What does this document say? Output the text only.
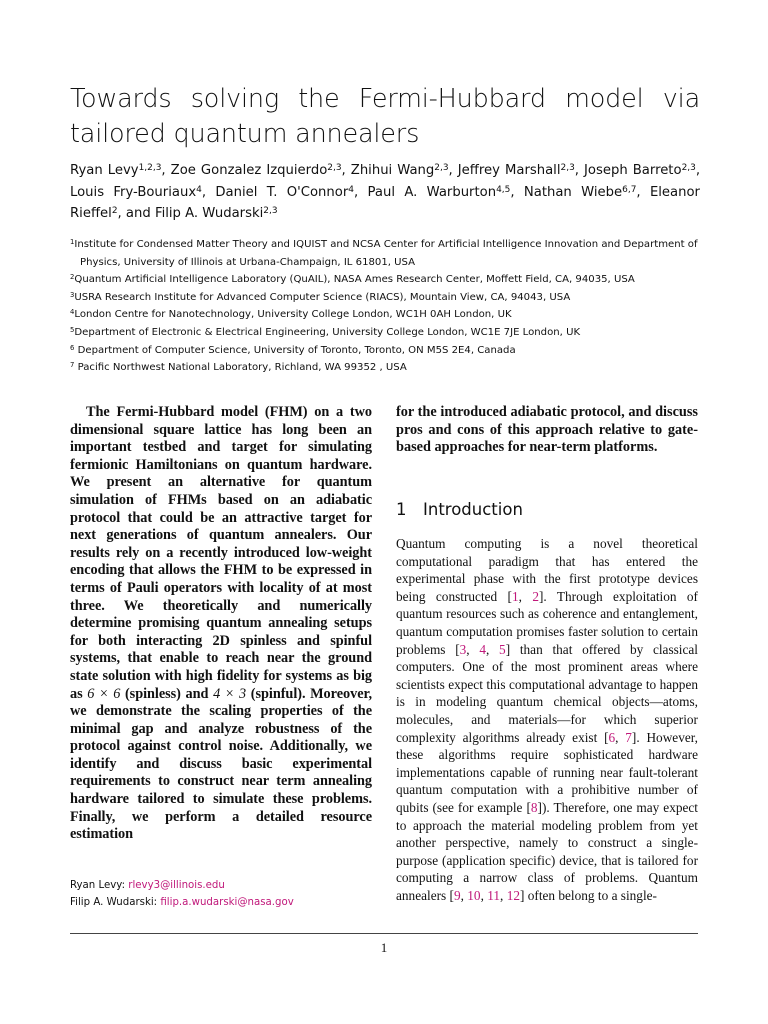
Towards solving the Fermi-Hubbard model via tailored quantum annealers
Ryan Levy$^{1,2,3}$, Zoe Gonzalez Izquierdo$^{2,3}$, Zhihui Wang$^{2,3}$, Jeffrey Marshall$^{2,3}$, Joseph Barreto$^{2,3}$, Louis Fry-Bouriaux$^4$, Daniel T. O'Connor$^4$, Paul A. Warburton$^{4,5}$, Nathan Wiebe$^{6,7}$, Eleanor Rieffel$^2$, and Filip A. Wudarski$^{2,3}$
$^1$Institute for Condensed Matter Theory and IQUIST and NCSA Center for Artificial Intelligence Innovation and Department of
Physics, University of Illinois at Urbana-Champaign, IL 61801, USA
$^2$Quantum Artificial Intelligence Laboratory (QuAIL), NASA Ames Research Center, Moffett Field, CA, 94035, USA
$^3$USRA Research Institute for Advanced Computer Science (RIACS), Mountain View, CA, 94043, USA
$^4$London Centre for Nanotechnology, University College London, WC1H 0AH London, UK
$^5$Department of Electronic & Electrical Engineering, University College London, WC1E 7JE London, UK
$^6$ Department of Computer Science, University of Toronto, Toronto, ON M5S 2E4, Canada
$^7$ Pacific Northwest National Laboratory, Richland, WA 99352 , USA
The Fermi-Hubbard model (FHM) on a two dimensional square lattice has long been an important testbed and target for simulating fermionic Hamiltonians on quantum hardware. We present an alternative for quantum simulation of FHMs based on an adiabatic protocol that could be an attractive target for next generations of quantum annealers. Our results rely on a recently introduced low-weight encoding that allows the FHM to be expressed in terms of Pauli operators with locality of at most three. We theoretically and numerically determine promising quantum annealing setups for both interacting 2D spinless and spinful systems, that enable to reach near the ground state solution with high fidelity for systems as big as 6 × 6 (spinless) and 4 × 3 (spinful). Moreover, we demonstrate the scaling properties of the minimal gap and analyze robustness of the protocol against control noise. Additionally, we identify and discuss basic experimental requirements to construct near term annealing hardware tailored to simulate these problems. Finally, we perform a detailed resource estimation
for the introduced adiabatic protocol, and discuss pros and cons of this approach relative to gate-based approaches for near-term platforms.
1 Introduction
Quantum computing is a novel theoretical computational paradigm that has entered the experimental phase with the first prototype devices being constructed [1, 2]. Through exploitation of quantum resources such as coherence and entanglement, quantum computation promises faster solution to certain problems [3, 4, 5] than that offered by classical computers. One of the most prominent areas where scientists expect this computational advantage to happen is in modeling quantum chemical objects—atoms, molecules, and materials—for which superior complexity algorithms already exist [6, 7]. However, these algorithms require sophisticated hardware implementations capable of running near fault-tolerant quantum computation with a prohibitive number of qubits (see for example [8]). Therefore, one may expect to approach the material modeling problem from yet another perspective, namely to construct a single-purpose (application specific) device, that is tailored for computing a narrow class of problems. Quantum annealers [9, 10, 11, 12] often belong to a single-
Ryan Levy: rlevy3@illinois.edu
Filip A. Wudarski: filip.a.wudarski@nasa.gov
1
